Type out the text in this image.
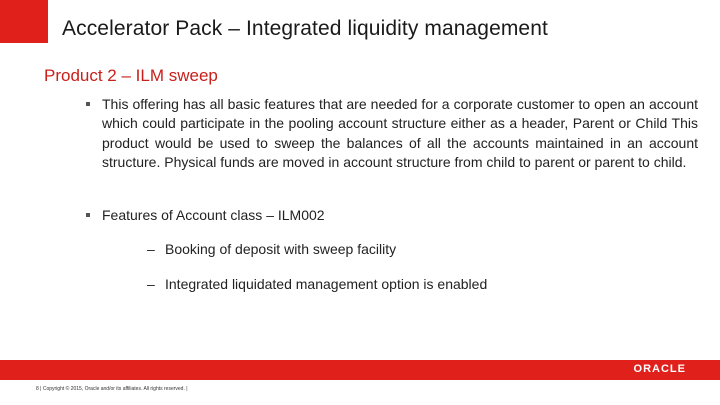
Accelerator Pack – Integrated liquidity management
Product 2 – ILM sweep
This offering has all basic features that are needed for a corporate customer to open an account which could participate in the pooling account structure either as a header, Parent or Child This product would be used to sweep the balances of all the accounts maintained in an account structure. Physical funds are moved in account structure from child to parent or parent to child.
Features of Account class – ILM002
– Booking of deposit with sweep facility
– Integrated liquidated management option is enabled
ORACLE
8 | Copyright © 2015, Oracle and/or its affiliates. All rights reserved. |
